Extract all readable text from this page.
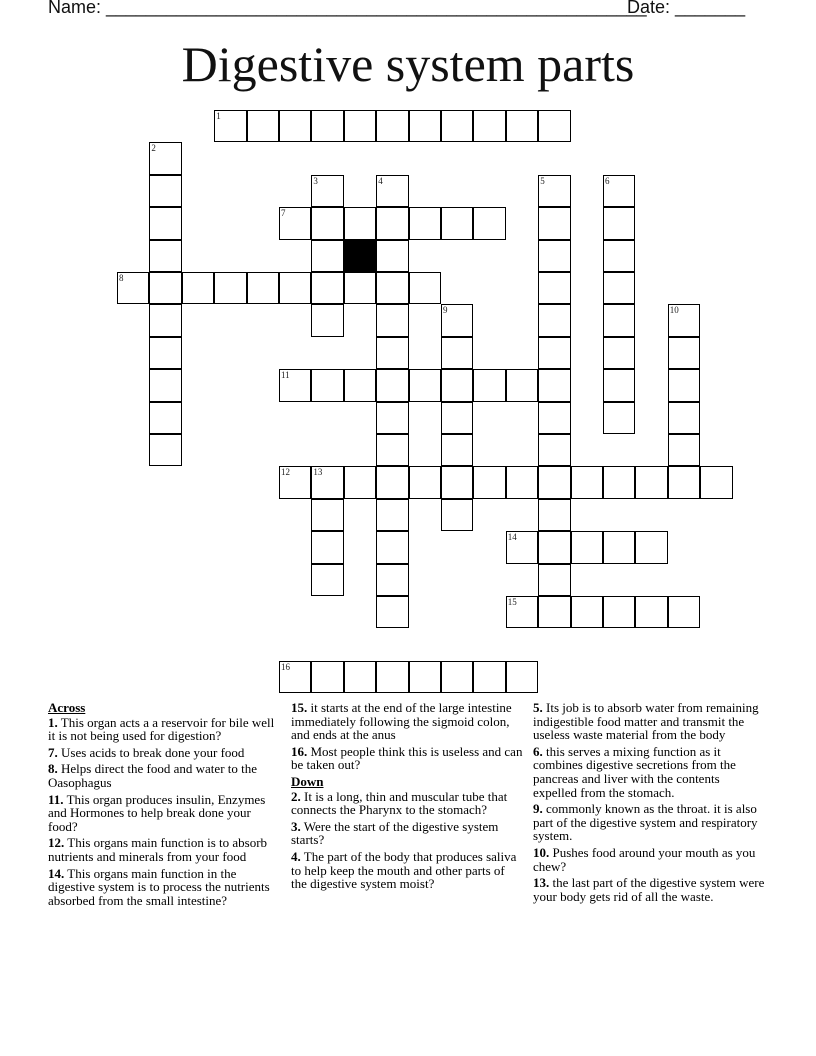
Name: ______________________________________________________
Date: _______
Digestive system parts
1
2
3	4	5	6
7
8
9	10
11
12	13
14
15
16
Across
1. This organ acts a a reservoir for bile well it is not being used for digestion?
7. Uses acids to break done your food
8. Helps direct the food and water to the Oasophagus
11. This organ produces insulin, Enzymes and Hormones to help break done your food?
12. This organs main function is to absorb nutrients and minerals from your food
14. This organs main function in the digestive system is to process the nutrients absorbed from the small intestine?
15. it starts at the end of the large intestine immediately following the sigmoid colon, and ends at the anus
16. Most people think this is useless and can be taken out?
Down
2. It is a long, thin and muscular tube that connects the Pharynx to the stomach?
3. Were the start of the digestive system starts?
4. The part of the body that produces saliva to help keep the mouth and other parts of the digestive system moist?
5. Its job is to absorb water from remaining indigestible food matter and transmit the useless waste material from the body
6. this serves a mixing function as it combines digestive secretions from the pancreas and liver with the contents expelled from the stomach.
9. commonly known as the throat. it is also part of the digestive system and respiratory system.
10. Pushes food around your mouth as you chew?
13. the last part of the digestive system were your body gets rid of all the waste.
